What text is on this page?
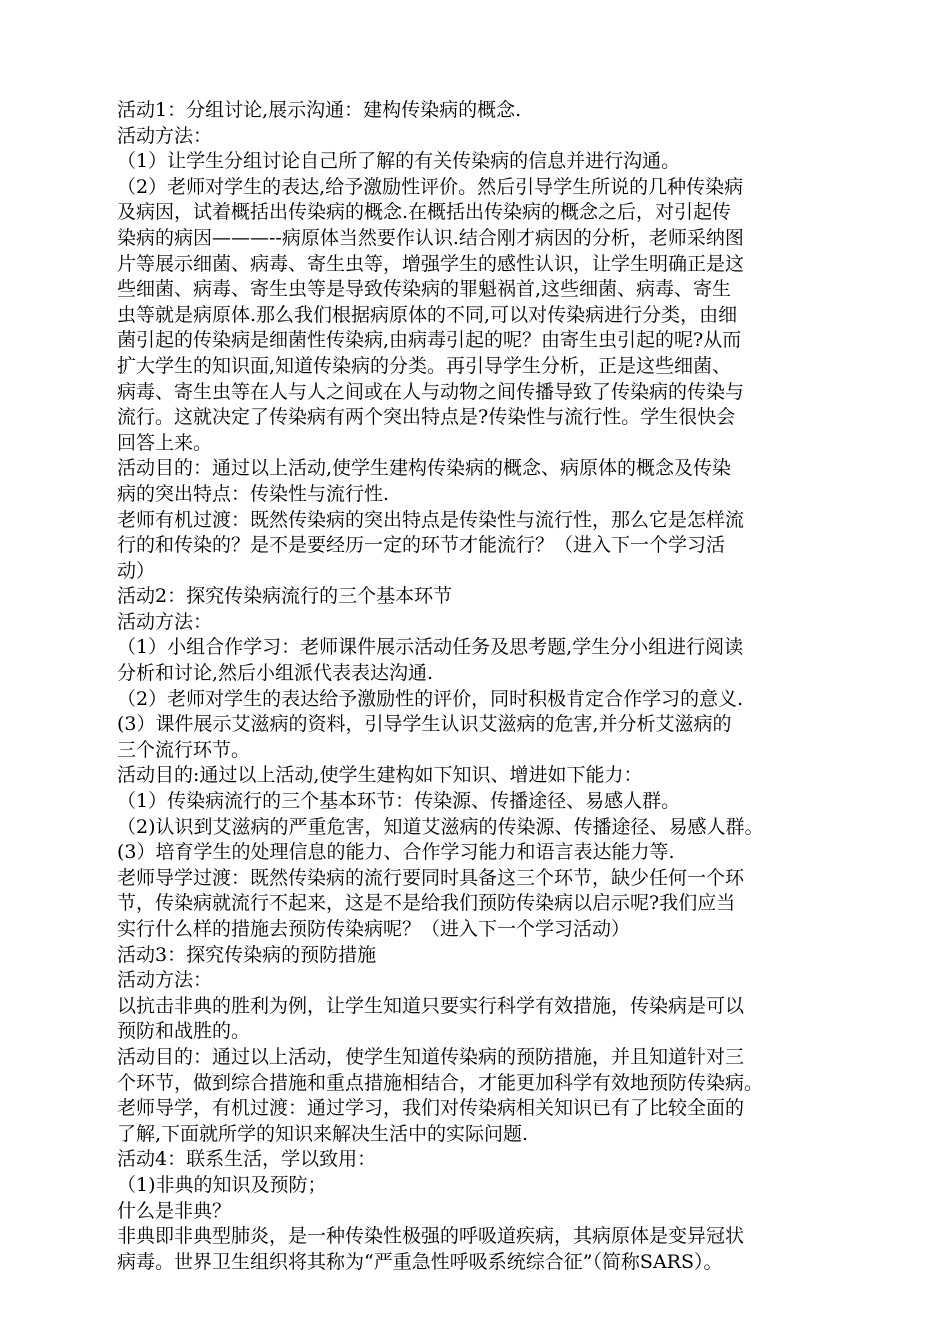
活动1：分组讨论,展示沟通：建构传染病的概念.
活动方法：
（1）让学生分组讨论自己所了解的有关传染病的信息并进行沟通。
（2）老师对学生的表达,给予激励性评价。然后引导学生所说的几种传染病
及病因，试着概括出传染病的概念.在概括出传染病的概念之后，对引起传
染病的病因———--病原体当然要作认识.结合刚才病因的分析，老师采纳图
片等展示细菌、病毒、寄生虫等，增强学生的感性认识，让学生明确正是这
些细菌、病毒、寄生虫等是导致传染病的罪魁祸首,这些细菌、病毒、寄生
虫等就是病原体.那么我们根据病原体的不同,可以对传染病进行分类，由细
菌引起的传染病是细菌性传染病,由病毒引起的呢？由寄生虫引起的呢?从而
扩大学生的知识面,知道传染病的分类。再引导学生分析，正是这些细菌、
病毒、寄生虫等在人与人之间或在人与动物之间传播导致了传染病的传染与
流行。这就决定了传染病有两个突出特点是?传染性与流行性。学生很快会
回答上来。
活动目的：通过以上活动,使学生建构传染病的概念、病原体的概念及传染
病的突出特点：传染性与流行性.
老师有机过渡：既然传染病的突出特点是传染性与流行性，那么它是怎样流
行的和传染的？是不是要经历一定的环节才能流行？（进入下一个学习活
动）
活动2：探究传染病流行的三个基本环节
活动方法：
（1）小组合作学习：老师课件展示活动任务及思考题,学生分小组进行阅读
分析和讨论,然后小组派代表表达沟通.
（2）老师对学生的表达给予激励性的评价，同时积极肯定合作学习的意义.
(3）课件展示艾滋病的资料，引导学生认识艾滋病的危害,并分析艾滋病的
三个流行环节。
活动目的:通过以上活动,使学生建构如下知识、增进如下能力：
（1）传染病流行的三个基本环节：传染源、传播途径、易感人群。
（2)认识到艾滋病的严重危害，知道艾滋病的传染源、传播途径、易感人群。
(3）培育学生的处理信息的能力、合作学习能力和语言表达能力等.
老师导学过渡：既然传染病的流行要同时具备这三个环节，缺少任何一个环
节，传染病就流行不起来，这是不是给我们预防传染病以启示呢?我们应当
实行什么样的措施去预防传染病呢？（进入下一个学习活动）
活动3：探究传染病的预防措施
活动方法：
以抗击非典的胜利为例，让学生知道只要实行科学有效措施，传染病是可以
预防和战胜的。
活动目的：通过以上活动，使学生知道传染病的预防措施，并且知道针对三
个环节，做到综合措施和重点措施相结合，才能更加科学有效地预防传染病。
老师导学，有机过渡：通过学习，我们对传染病相关知识已有了比较全面的
了解,下面就所学的知识来解决生活中的实际问题.
活动4：联系生活，学以致用：
（1)非典的知识及预防；
什么是非典？
非典即非典型肺炎，是一种传染性极强的呼吸道疾病，其病原体是变异冠状
病毒。世界卫生组织将其称为“严重急性呼吸系统综合征”（简称SARS）。
